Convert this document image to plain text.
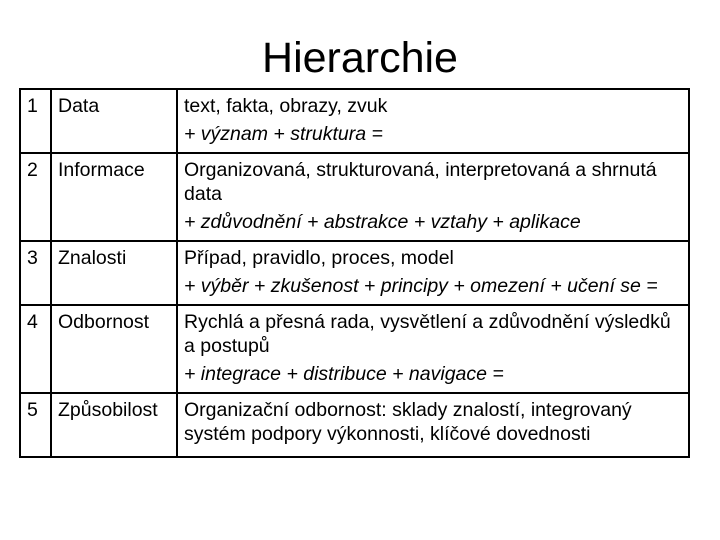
Hierarchie
1	Data	text, fakta, obrazy, zvuk
+ význam + struktura =

2	Informace	Organizovaná, strukturovaná, interpretovaná a shrnutá data
+ zdůvodnění + abstrakce + vztahy + aplikace

3	Znalosti	Případ, pravidlo, proces, model
+ výběr + zkušenost + principy + omezení + učení se =

4	Odbornost	Rychlá a přesná rada, vysvětlení a zdůvodnění výsledků a postupů
+ integrace + distribuce + navigace =

5	Způsobilost	Organizační odbornost: sklady znalostí, integrovaný systém podpory výkonnosti, klíčové dovednosti
